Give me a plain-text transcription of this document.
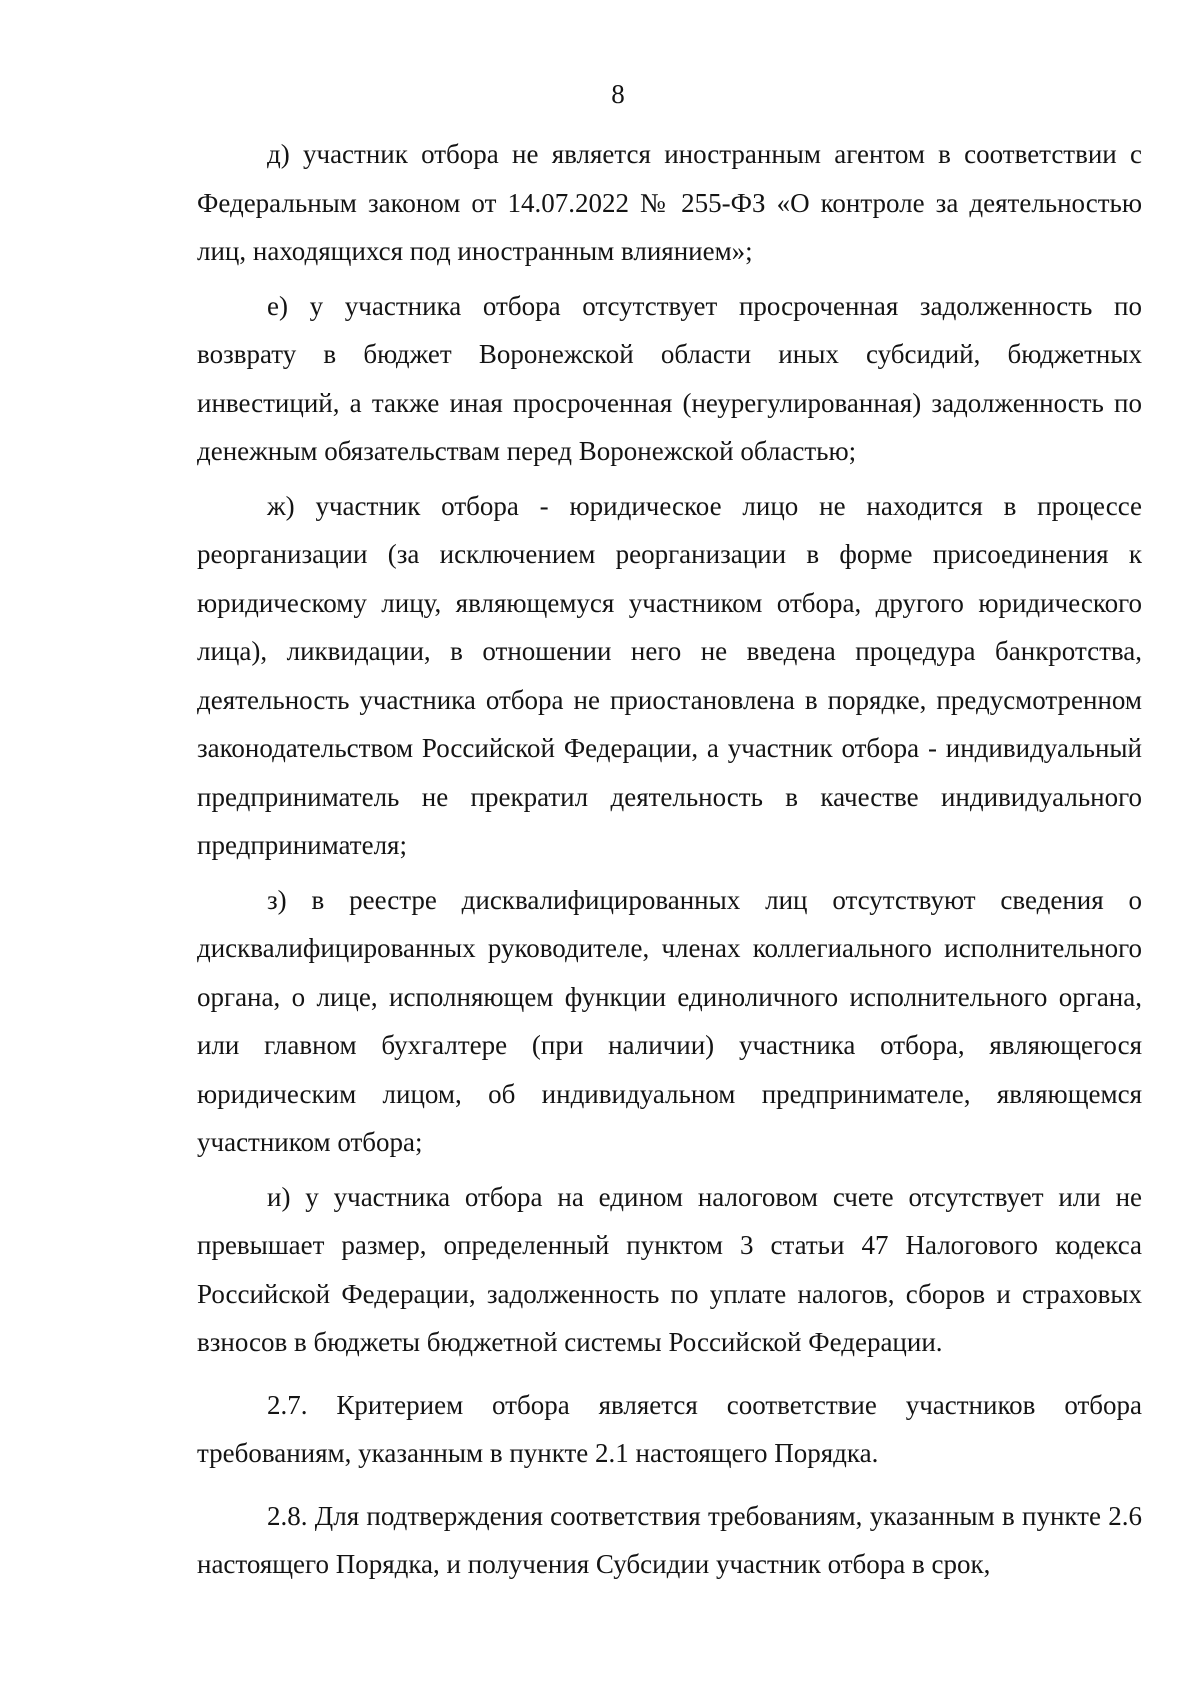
8

д) участник отбора не является иностранным агентом в соответствии с Федеральным законом от 14.07.2022 № 255-ФЗ «О контроле за деятельностью лиц, находящихся под иностранным влиянием»;

е) у участника отбора отсутствует просроченная задолженность по возврату в бюджет Воронежской области иных субсидий, бюджетных инвестиций, а также иная просроченная (неурегулированная) задолженность по денежным обязательствам перед Воронежской областью;

ж) участник отбора - юридическое лицо не находится в процессе реорганизации (за исключением реорганизации в форме присоединения к юридическому лицу, являющемуся участником отбора, другого юридического лица), ликвидации, в отношении него не введена процедура банкротства, деятельность участника отбора не приостановлена в порядке, предусмотренном законодательством Российской Федерации, а участник отбора - индивидуальный предприниматель не прекратил деятельность в качестве индивидуального предпринимателя;

з) в реестре дисквалифицированных лиц отсутствуют сведения о дисквалифицированных руководителе, членах коллегиального исполнительного органа, о лице, исполняющем функции единоличного исполнительного органа, или главном бухгалтере (при наличии) участника отбора, являющегося юридическим лицом, об индивидуальном предпринимателе, являющемся участником отбора;

и) у участника отбора на едином налоговом счете отсутствует или не превышает размер, определенный пунктом 3 статьи 47 Налогового кодекса Российской Федерации, задолженность по уплате налогов, сборов и страховых взносов в бюджеты бюджетной системы Российской Федерации.

2.7. Критерием отбора является соответствие участников отбора требованиям, указанным в пункте 2.1 настоящего Порядка.

2.8. Для подтверждения соответствия требованиям, указанным в пункте 2.6 настоящего Порядка, и получения Субсидии участник отбора в срок,
